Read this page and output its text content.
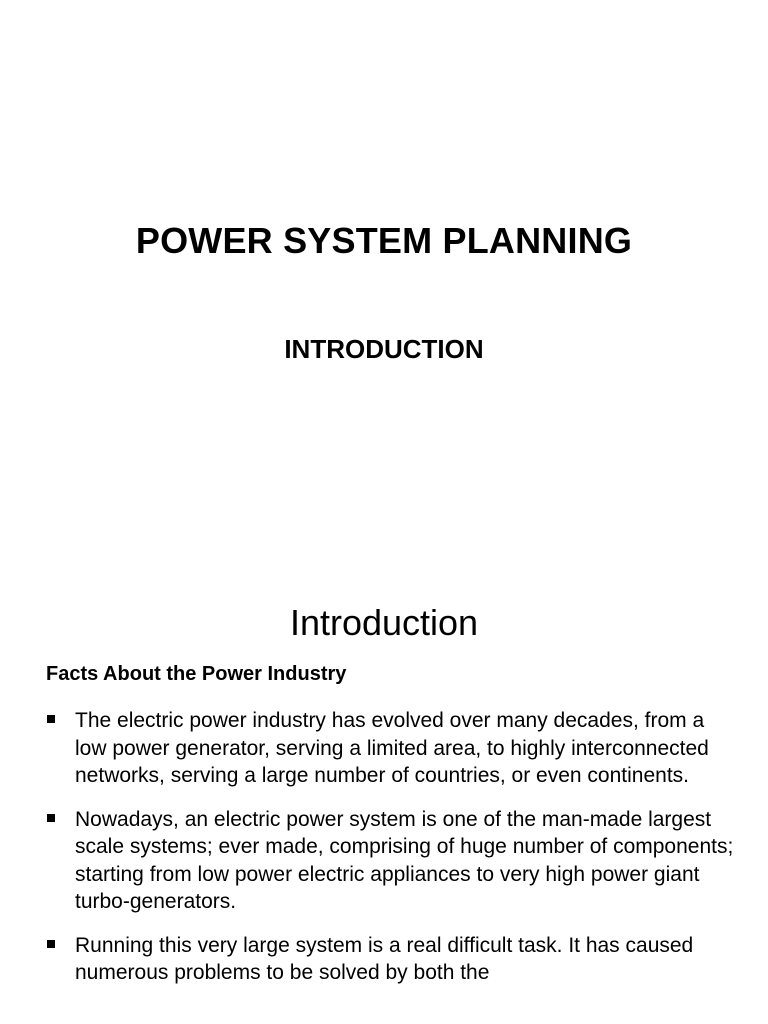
POWER SYSTEM PLANNING
INTRODUCTION
Introduction
Facts About the Power Industry
The electric power industry has evolved over many decades, from a low power generator, serving a limited area, to highly interconnected networks, serving a large number of countries, or even continents.
Nowadays, an electric power system is one of the man-made largest scale systems; ever made, comprising of huge number of components; starting from low power electric appliances to very high power giant turbo-generators.
Running this very large system is a real difficult task. It has caused numerous problems to be solved by both the
